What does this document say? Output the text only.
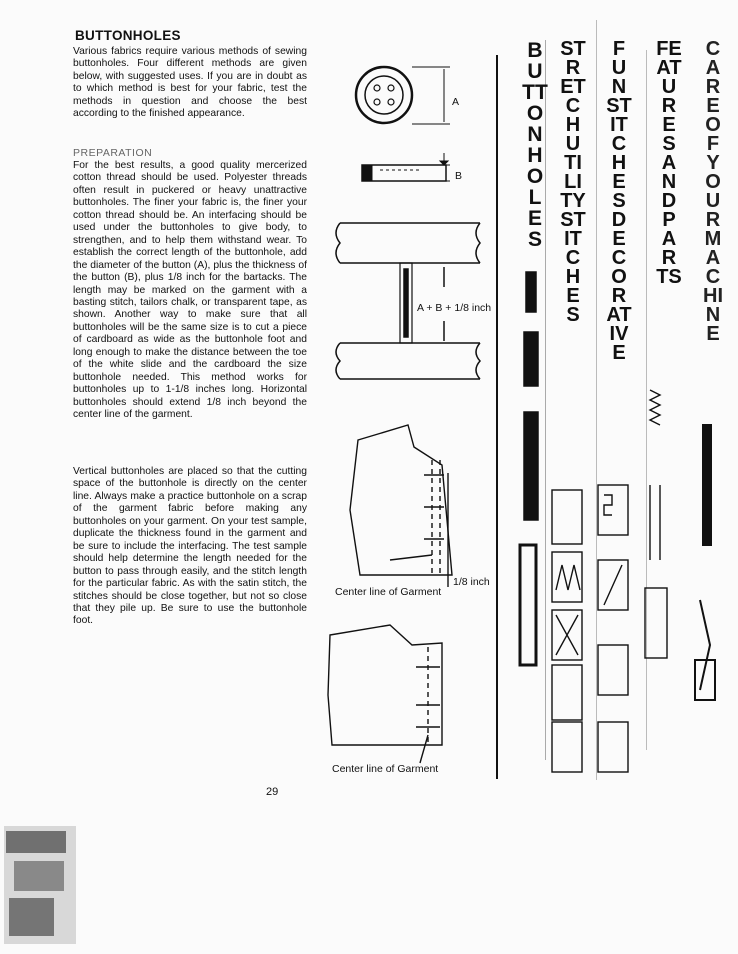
BUTTONHOLES
Various fabrics require various methods of sewing buttonholes. Four different methods are given below, with suggested uses. If you are in doubt as to which method is best for your fabric, test the methods in question and choose the best according to the finished appearance.
PREPARATION
For the best results, a good quality mercerized cotton thread should be used. Polyester threads often result in puckered or heavy unattractive buttonholes. The finer your fabric is, the finer your cotton thread should be. An interfacing should be used under the buttonholes to give body, to strengthen, and to help them withstand wear. To establish the correct length of the buttonhole, add the diameter of the button (A), plus the thickness of the button (B), plus 1/8 inch for the bartacks. The length may be marked on the garment with a basting stitch, tailors chalk, or transparent tape, as shown. Another way to make sure that all buttonholes will be the same size is to cut a piece of cardboard as wide as the buttonhole foot and long enough to make the distance between the toe of the white slide and the cardboard the size buttonhole needed. This method works for buttonholes up to 1-1/8 inches long. Horizontal buttonholes should extend 1/8 inch beyond the center line of the garment.
Vertical buttonholes are placed so that the cutting space of the buttonhole is directly on the center line. Always make a practice buttonhole on a scrap of the garment fabric before making any buttonholes on your garment. On your test sample, duplicate the thickness found in the garment and be sure to include the interfacing. The test sample should help determine the length needed for the button to pass through easily, and the stitch length for the particular fabric. As with the satin stitch, the stitches should be close together, but not so close that they pile up. Be sure to use the buttonhole foot.
29
A
B
A + B + 1/8 inch
1/8 inch
Center line of Garment
Center line of Garment
BUTTONHOLES
STRETCH UTILITY STITCHES
FUN STITCHES DECORATIVE
FEATURES AND PARTS
CARE OF YOUR MACHINE
